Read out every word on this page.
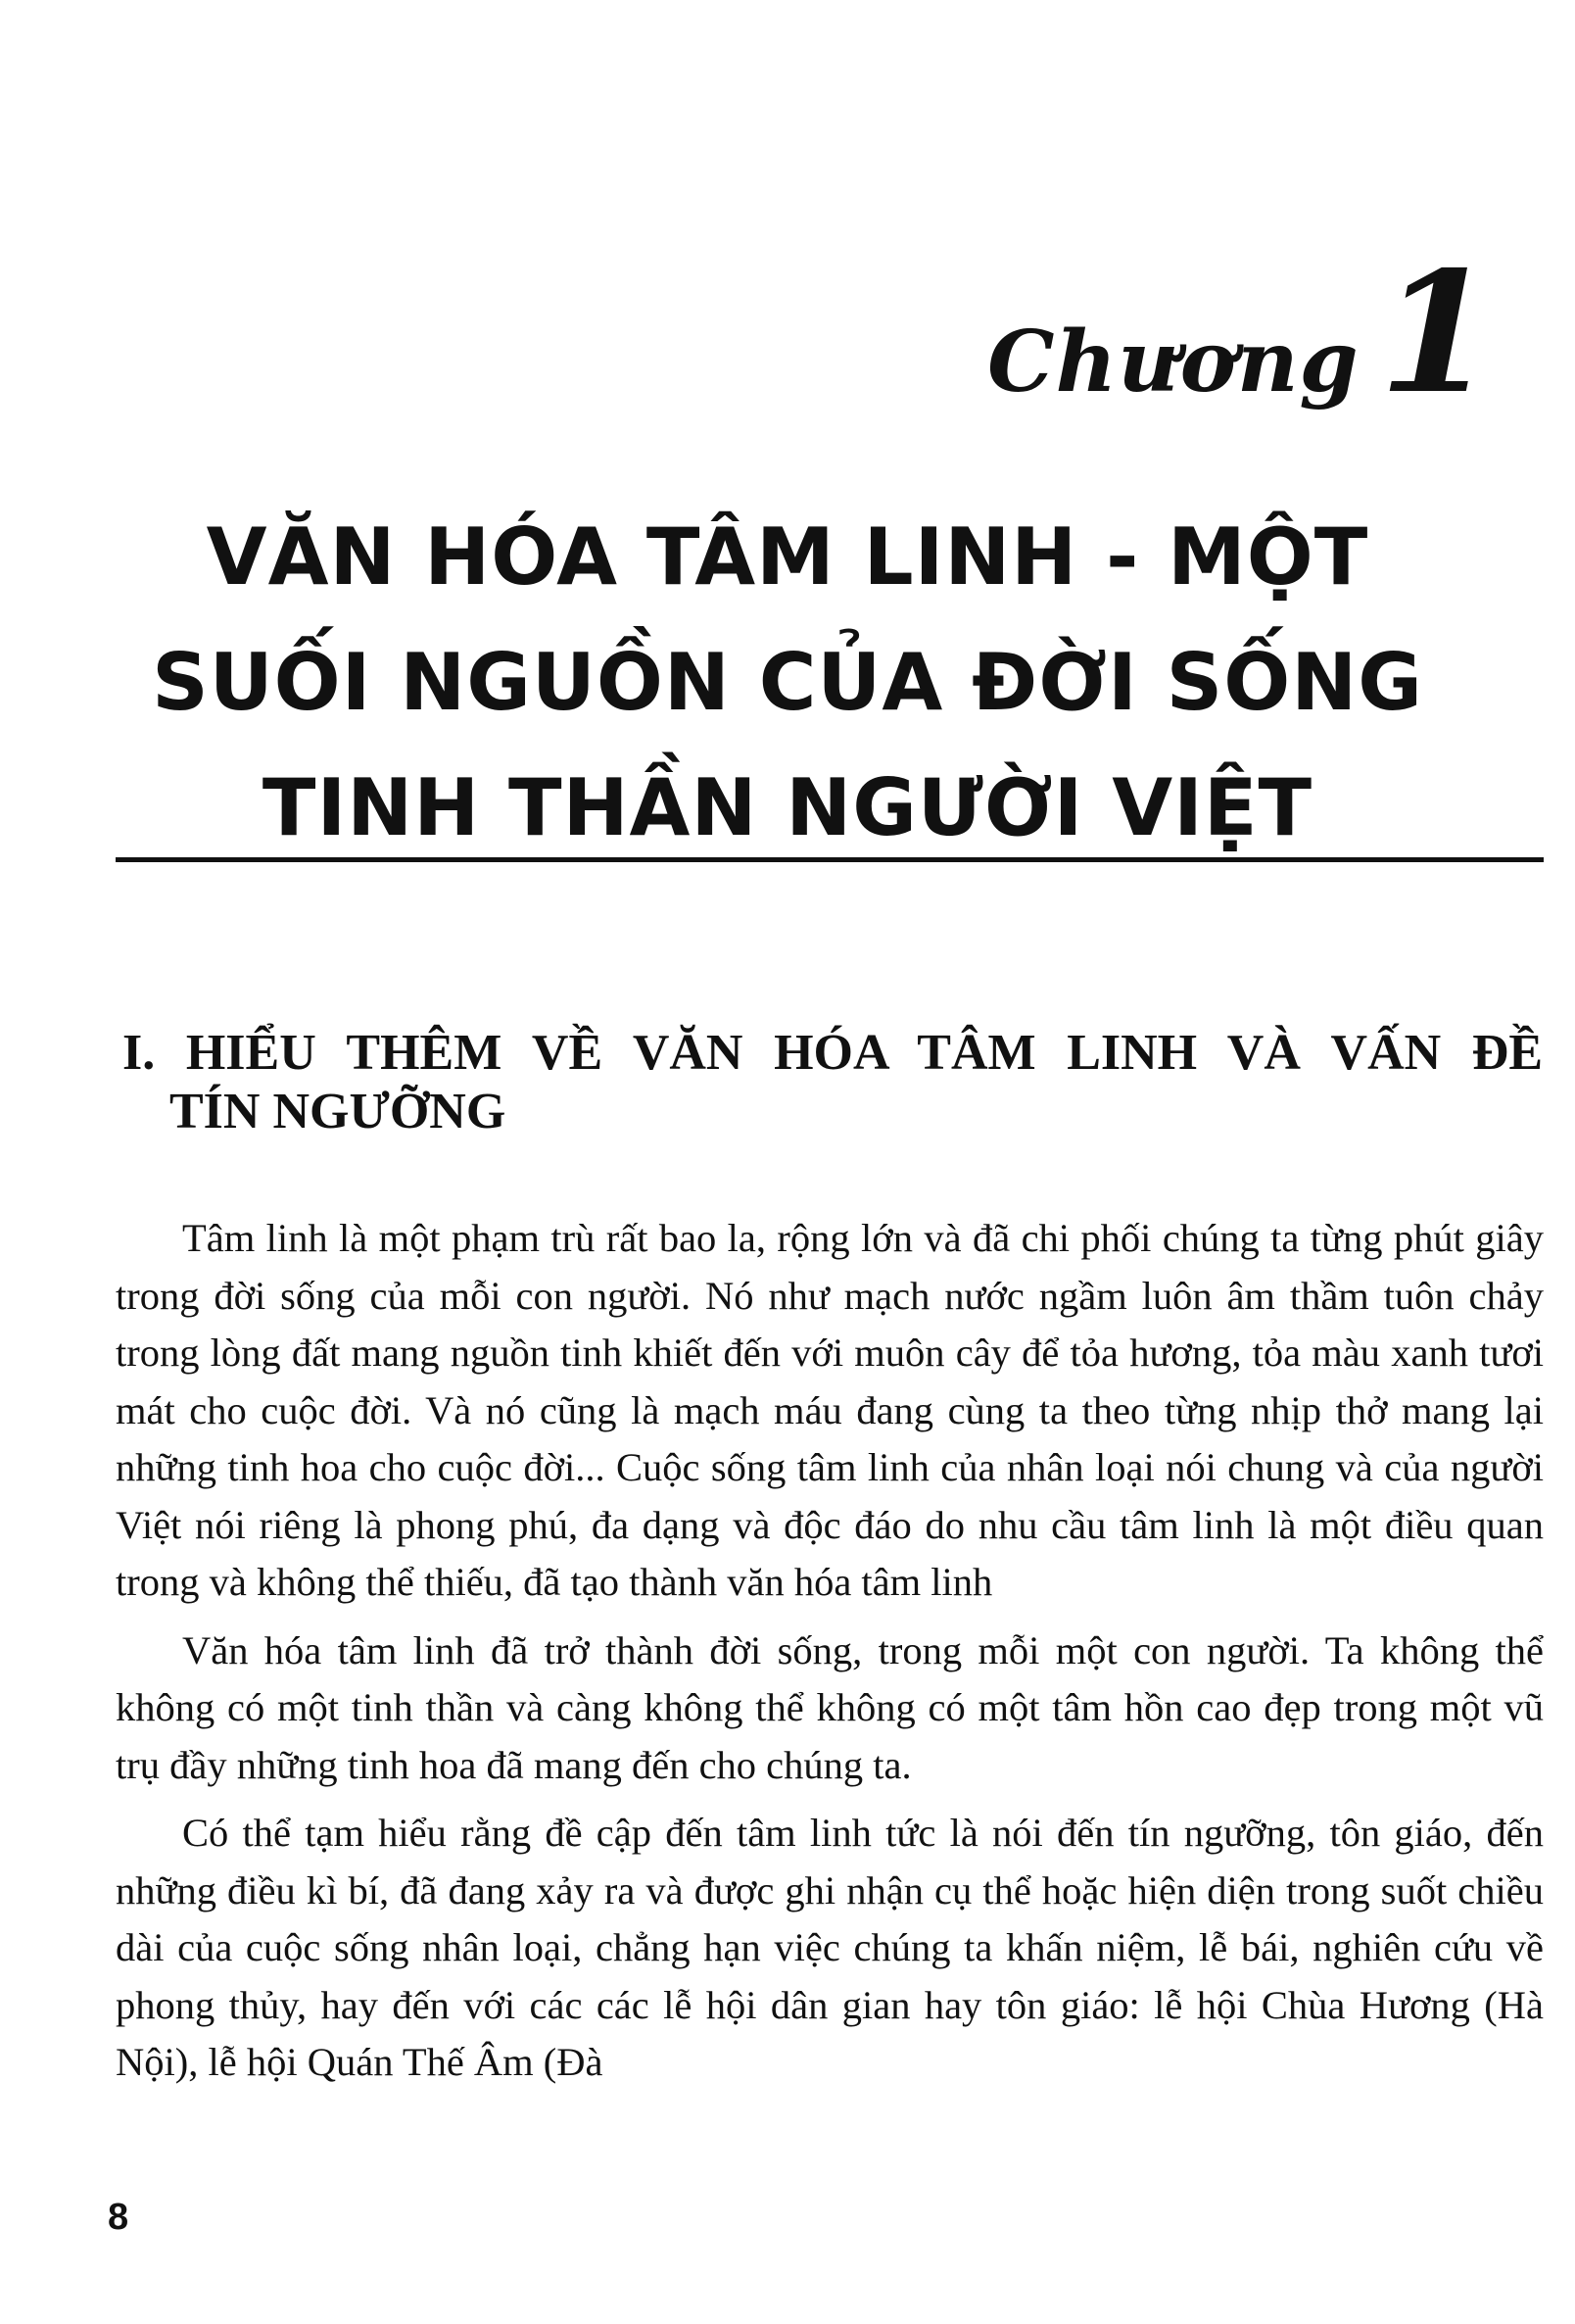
Chương 1
VĂN HÓA TÂM LINH - MỘT
SUỐI NGUỒN CỦA ĐỜI SỐNG
TINH THẦN NGƯỜI VIỆT
I. HIỂU THÊM VỀ VĂN HÓA TÂM LINH VÀ VẤN ĐỀ
TÍN NGƯỠNG

Tâm linh là một phạm trù rất bao la, rộng lớn và đã chi phối chúng ta từng phút giây trong đời sống của mỗi con người. Nó như mạch nước ngầm luôn âm thầm tuôn chảy trong lòng đất mang nguồn tinh khiết đến với muôn cây để tỏa hương, tỏa màu xanh tươi mát cho cuộc đời. Và nó cũng là mạch máu đang cùng ta theo từng nhịp thở mang lại những tinh hoa cho cuộc đời... Cuộc sống tâm linh của nhân loại nói chung và của người Việt nói riêng là phong phú, đa dạng và độc đáo do nhu cầu tâm linh là một điều quan trong và không thể thiếu, đã tạo thành văn hóa tâm linh

Văn hóa tâm linh đã trở thành đời sống, trong mỗi một con người. Ta không thể không có một tinh thần và càng không thể không có một tâm hồn cao đẹp trong một vũ trụ đầy những tinh hoa đã mang đến cho chúng ta.

Có thể tạm hiểu rằng đề cập đến tâm linh tức là nói đến tín ngưỡng, tôn giáo, đến những điều kì bí, đã đang xảy ra và được ghi nhận cụ thể hoặc hiện diện trong suốt chiều dài của cuộc sống nhân loại, chẳng hạn việc chúng ta khấn niệm, lễ bái, nghiên cứu về phong thủy, hay đến với các các lễ hội dân gian hay tôn giáo: lễ hội Chùa Hương (Hà Nội), lễ hội Quán Thế Âm (Đà

8
